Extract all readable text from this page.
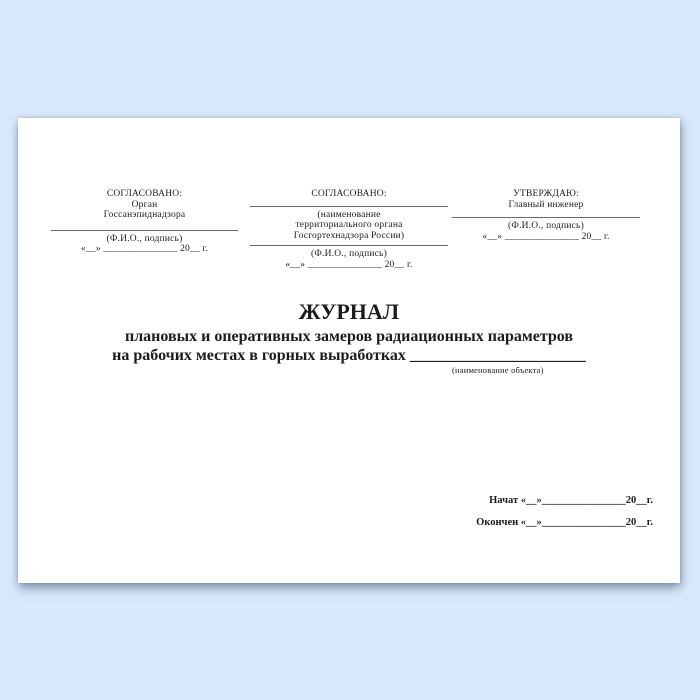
СОГЛАСОВАНО:
Орган
Госсанэпиднадзора
(Ф.И.О., подпись)
«__» _______________ 20__ г.
СОГЛАСОВАНО:
(наименование
территориального органа
Госгортехнадзора России)
(Ф.И.О., подпись)
«__» _______________ 20__ г.
УТВЕРЖДАЮ:
Главный инженер
(Ф.И.О., подпись)
«__» _______________ 20__ г.
ЖУРНАЛ
плановых и оперативных замеров радиационных параметров
на рабочих местах в горных выработках ______________________
(наименование объекта)
Начат «__»________________20__г.
Окончен «__»________________20__г.
